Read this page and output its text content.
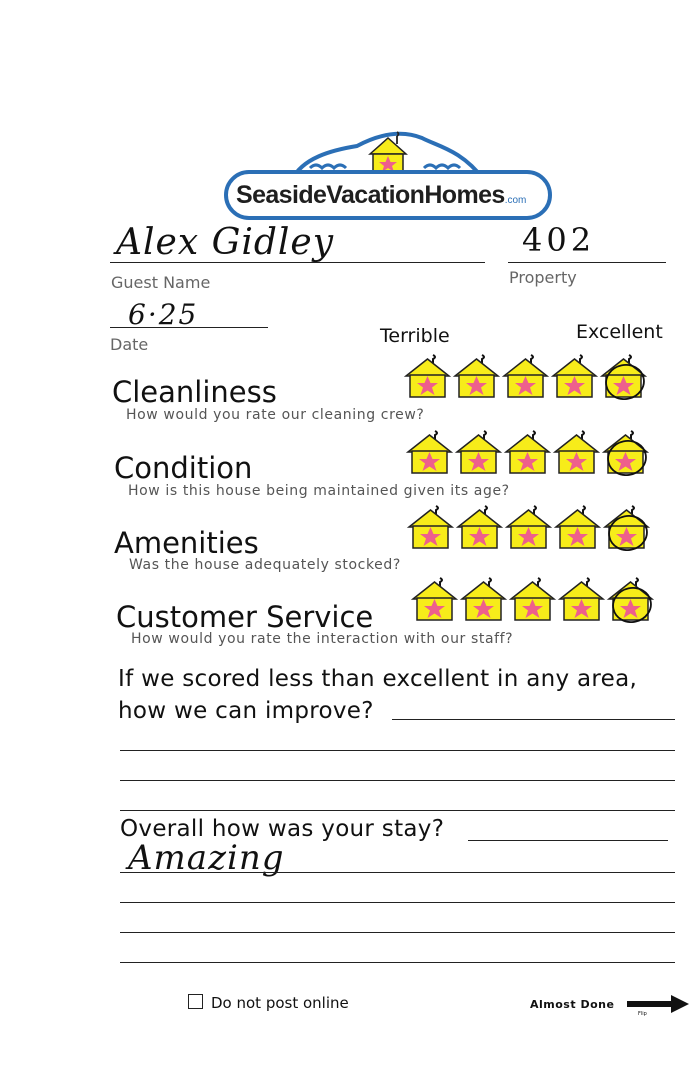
SeasideVacationHomes.com
Alex Gidley
Guest Name
402
Property
6·25
Date	Terrible	Excellent
Cleanliness
How would you rate our cleaning crew?
Condition
How is this house being maintained given its age?
Amenities
Was the house adequately stocked?
Customer Service
How would you rate the interaction with our staff?
If we scored less than excellent in any area,
how we can improve?
Overall how was your stay?
Amazing
Do not post online	Almost Done
Flip
